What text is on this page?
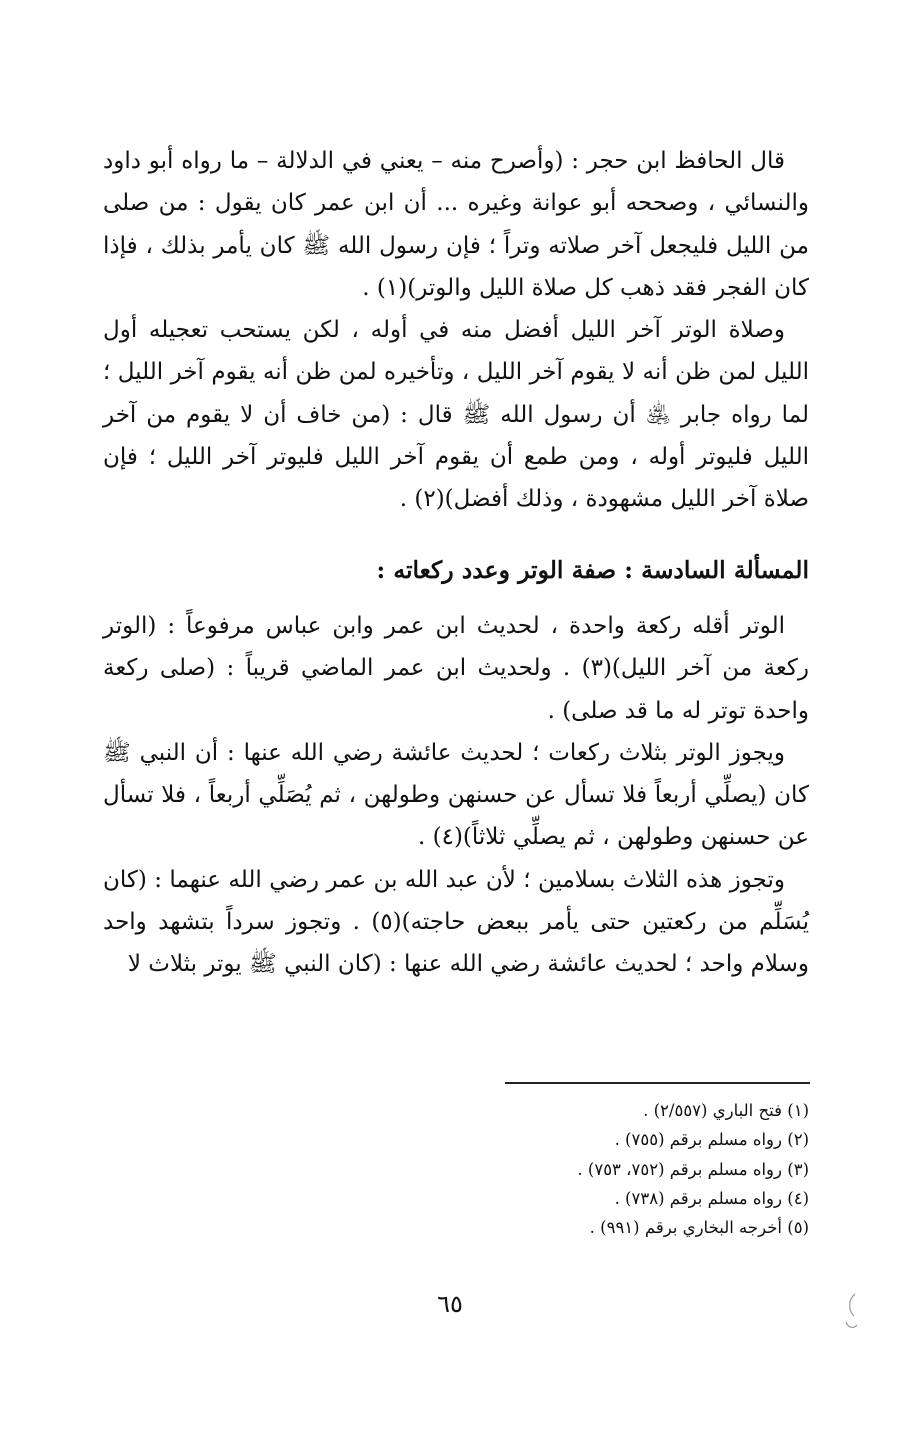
قال الحافظ ابن حجر : (وأصرح منه – يعني في الدلالة – ما رواه أبو داود والنسائي ، وصححه أبو عوانة وغيره ... أن ابن عمر كان يقول : من صلى من الليل فليجعل آخر صلاته وتراً ؛ فإن رسول الله ﷺ كان يأمر بذلك ، فإذا كان الفجر فقد ذهب كل صلاة الليل والوتر)(١) .

وصلاة الوتر آخر الليل أفضل منه في أوله ، لكن يستحب تعجيله أول الليل لمن ظن أنه لا يقوم آخر الليل ، وتأخيره لمن ظن أنه يقوم آخر الليل ؛ لما رواه جابر ﵁ أن رسول الله ﷺ قال : (من خاف أن لا يقوم من آخر الليل فليوتر أوله ، ومن طمع أن يقوم آخر الليل فليوتر آخر الليل ؛ فإن صلاة آخر الليل مشهودة ، وذلك أفضل)(٢) .

المسألة السادسة : صفة الوتر وعدد ركعاته :

الوتر أقله ركعة واحدة ، لحديث ابن عمر وابن عباس مرفوعاً : (الوتر ركعة من آخر الليل)(٣) . ولحديث ابن عمر الماضي قريباً : (صلى ركعة واحدة توتر له ما قد صلى) .

ويجوز الوتر بثلاث ركعات ؛ لحديث عائشة رضي الله عنها : أن النبي ﷺ كان (يصلِّي أربعاً فلا تسأل عن حسنهن وطولهن ، ثم يُصَلِّي أربعاً ، فلا تسأل عن حسنهن وطولهن ، ثم يصلِّي ثلاثاً)(٤) .

وتجوز هذه الثلاث بسلامين ؛ لأن عبد الله بن عمر رضي الله عنهما : (كان يُسَلِّم من ركعتين حتى يأمر ببعض حاجته)(٥) . وتجوز سرداً بتشهد واحد وسلام واحد ؛ لحديث عائشة رضي الله عنها : (كان النبي ﷺ يوتر بثلاث لا

(١) فتح الباري (٢/٥٥٧) .

(٢) رواه مسلم برقم (٧٥٥) .

(٣) رواه مسلم برقم (٧٥٢، ٧٥٣) .

(٤) رواه مسلم برقم (٧٣٨) .

(٥) أخرجه البخاري برقم (٩٩١) .

٦٥
